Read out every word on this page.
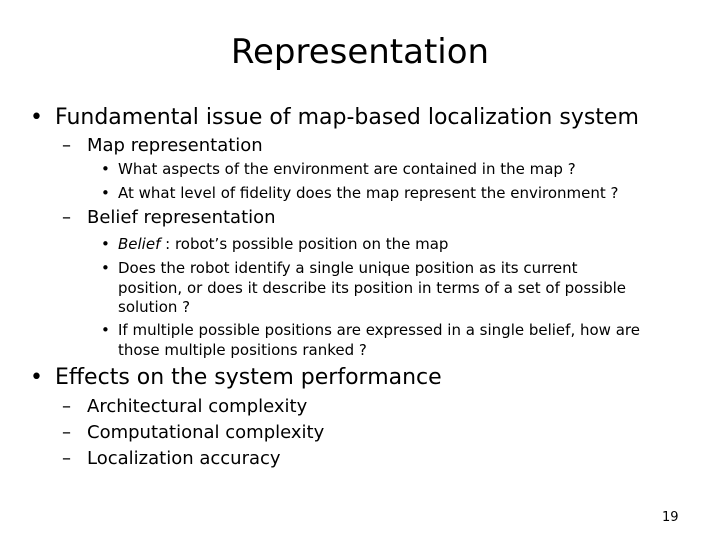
Representation
• Fundamental issue of map-based localization system
– Map representation
• What aspects of the environment are contained in the map ?
• At what level of fidelity does the map represent the environment ?
– Belief representation
• Belief : robot’s possible position on the map
• Does the robot identify a single unique position as its current
position, or does it describe its position in terms of a set of possible
solution ?
• If multiple possible positions are expressed in a single belief, how are
those multiple positions ranked ?
• Effects on the system performance
– Architectural complexity
– Computational complexity
– Localization accuracy
19
